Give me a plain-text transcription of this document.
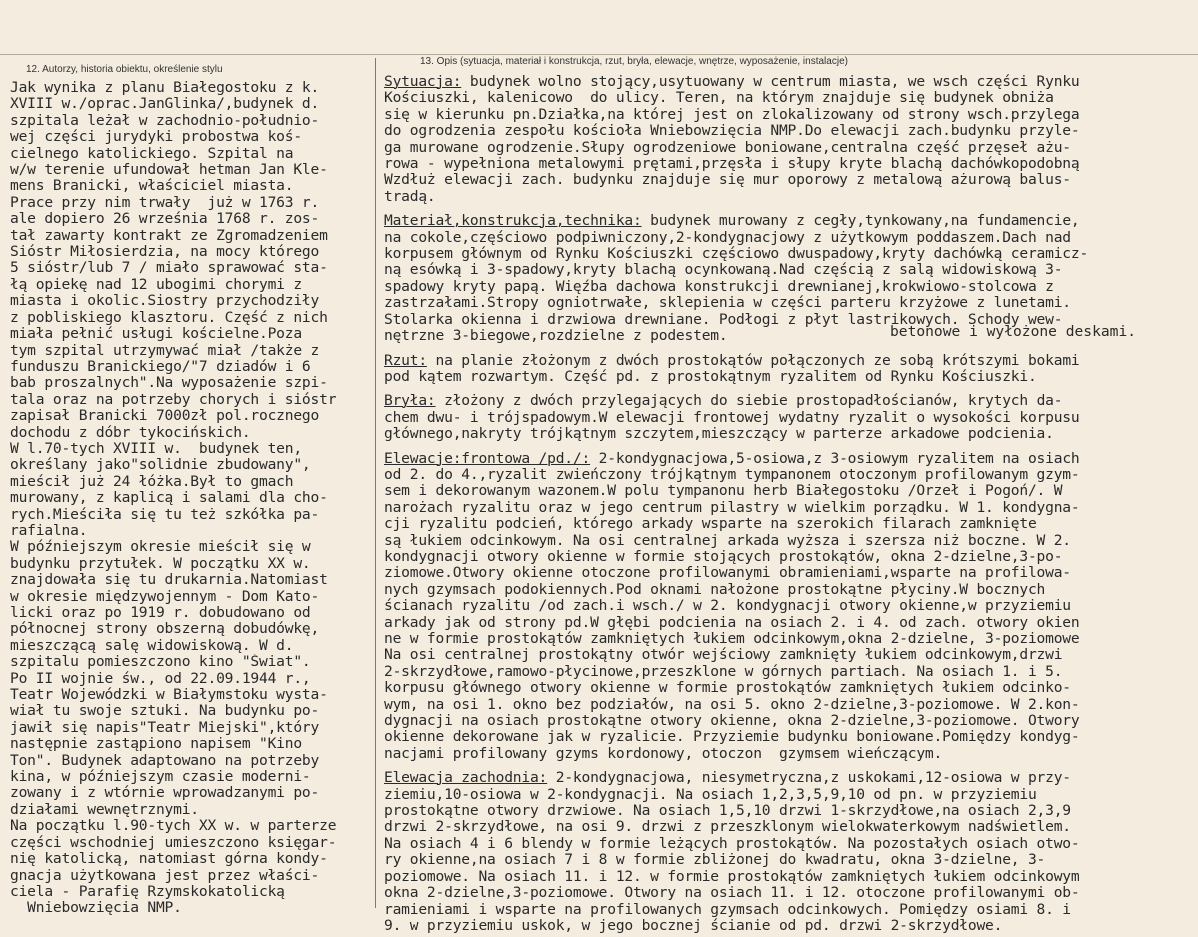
12. Autorzy, historia obiektu, określenie stylu
13. Opis (sytuacja, materiał i konstrukcja, rzut, bryła, elewacje, wnętrze, wyposażenie, instalacje)
Jak wynika z planu Białegostoku z k.
XVIII w./oprac.JanGlinka/,budynek d.
szpitala leżał w zachodnio-południo-
wej części jurydyki probostwa koś-
cielnego katolickiego. Szpital na
w/w terenie ufundował hetman Jan Kle-
mens Branicki, właściciel miasta.
Prace przy nim trwały  już w 1763 r.
ale dopiero 26 września 1768 r. zos-
tał zawarty kontrakt ze Zgromadzeniem
Sióstr Miłosierdzia, na mocy którego
5 sióstr/lub 7 / miało sprawować sta-
łą opiekę nad 12 ubogimi chorymi z
miasta i okolic.Siostry przychodziły
z pobliskiego klasztoru. Część z nich
miała pełnić usługi kościelne.Poza
tym szpital utrzymywać miał /także z
funduszu Branickiego/"7 dziadów i 6
bab proszalnych".Na wyposażenie szpi-
tala oraz na potrzeby chorych i sióstr
zapisał Branicki 7000zł pol.rocznego
dochodu z dóbr tykocińskich.
W l.70-tych XVIII w.  budynek ten,
określany jako"solidnie zbudowany",
mieścił już 24 łóżka.Był to gmach
murowany, z kaplicą i salami dla cho-
rych.Mieściła się tu też szkółka pa-
rafialna.
W późniejszym okresie mieścił się w
budynku przytułek. W początku XX w.
znajdowała się tu drukarnia.Natomiast
w okresie międzywojennym - Dom Kato-
licki oraz po 1919 r. dobudowano od
północnej strony obszerną dobudówkę,
mieszczącą salę widowiskową. W d.
szpitalu pomieszczono kino "Świat".
Po II wojnie św., od 22.09.1944 r.,
Teatr Wojewódzki w Białymstoku wysta-
wiał tu swoje sztuki. Na budynku po-
jawił się napis"Teatr Miejski",który
następnie zastąpiono napisem "Kino
Ton". Budynek adaptowano na potrzeby
kina, w późniejszym czasie moderni-
zowany i z wtórnie wprowadzanymi po-
działami wewnętrznymi.
Na początku l.90-tych XX w. w parterze
części wschodniej umieszczono księgar-
nię katolicką, natomiast górna kondy-
gnacja użytkowana jest przez właści-
ciela - Parafię Rzymskokatolicką
Wniebowzięcia NMP.
Sytuacja: budynek wolno stojący,usytuowany w centrum miasta, we wsch części Rynku
Kościuszki, kalenicowo  do ulicy. Teren, na którym znajduje się budynek obniża
się w kierunku pn.Działka,na której jest on zlokalizowany od strony wsch.przylega
do ogrodzenia zespołu kościoła Wniebowzięcia NMP.Do elewacji zach.budynku przyle-
ga murowane ogrodzenie.Słupy ogrodzeniowe boniowane,centralna część przęseł ażu-
rowa - wypełniona metalowymi prętami,przęsła i słupy kryte blachą dachówkopodobną
Wzdłuż elewacji zach. budynku znajduje się mur oporowy z metalową ażurową balus-
tradą.
Materiał,konstrukcja,technika: budynek murowany z cegły,tynkowany,na fundamencie,
na cokole,częściowo podpiwniczony,2-kondygnacjowy z użytkowym poddaszem.Dach nad
korpusem głównym od Rynku Kościuszki częściowo dwuspadowy,kryty dachówką ceramicz-
ną esówką i 3-spadowy,kryty blachą ocynkowaną.Nad częścią z salą widowiskową 3-
spadowy kryty papą. Więźba dachowa konstrukcji drewnianej,krokwiowo-stolcowa z
zastrzałami.Stropy ogniotrwałe, sklepienia w części parteru krzyżowe z lunetami.
Stolarka okienna i drzwiowa drewniane. Podłogi z płyt lastrikowych. Schody wew-
nętrzne 3-biegowe,rozdzielne z podestem.
Rzut: na planie złożonym z dwóch prostokątów połączonych ze sobą krótszymi bokami
pod kątem rozwartym. Część pd. z prostokątnym ryzalitem od Rynku Kościuszki.
Bryła: złożony z dwóch przylegających do siebie prostopadłościanów, krytych da-
chem dwu- i trójspadowym.W elewacji frontowej wydatny ryzalit o wysokości korpusu
głównego,nakryty trójkątnym szczytem,mieszczący w parterze arkadowe podcienia.
Elewacje:frontowa /pd./: 2-kondygnacjowa,5-osiowa,z 3-osiowym ryzalitem na osiach
od 2. do 4.,ryzalit zwieńczony trójkątnym tympanonem otoczonym profilowanym gzym-
sem i dekorowanym wazonem.W polu tympanonu herb Białegostoku /Orzeł i Pogoń/. W
narożach ryzalitu oraz w jego centrum pilastry w wielkim porządku. W 1. kondygna-
cji ryzalitu podcień, którego arkady wsparte na szerokich filarach zamknięte
są łukiem odcinkowym. Na osi centralnej arkada wyższa i szersza niż boczne. W 2.
kondygnacji otwory okienne w formie stojących prostokątów, okna 2-dzielne,3-po-
ziomowe.Otwory okienne otoczone profilowanymi obramieniami,wsparte na profilowa-
nych gzymsach podokiennych.Pod oknami nałożone prostokątne płyciny.W bocznych
ścianach ryzalitu /od zach.i wsch./ w 2. kondygnacji otwory okienne,w przyziemiu
arkady jak od strony pd.W głębi podcienia na osiach 2. i 4. od zach. otwory okien
ne w formie prostokątów zamkniętych łukiem odcinkowym,okna 2-dzielne, 3-poziomowe
Na osi centralnej prostokątny otwór wejściowy zamknięty łukiem odcinkowym,drzwi
2-skrzydłowe,ramowo-płycinowe,przeszklone w górnych partiach. Na osiach 1. i 5.
korpusu głównego otwory okienne w formie prostokątów zamkniętych łukiem odcinko-
wym, na osi 1. okno bez podziałów, na osi 5. okno 2-dzielne,3-poziomowe. W 2.kon-
dygnacji na osiach prostokątne otwory okienne, okna 2-dzielne,3-poziomowe. Otwory
okienne dekorowane jak w ryzalicie. Przyziemie budynku boniowane.Pomiędzy kondyg-
nacjami profilowany gzyms kordonowy, otoczon  gzymsem wieńczącym.
Elewacja zachodnia: 2-kondygnacjowa, niesymetryczna,z uskokami,12-osiowa w przy-
ziemiu,10-osiowa w 2-kondygnacji. Na osiach 1,2,3,5,9,10 od pn. w przyziemiu
prostokątne otwory drzwiowe. Na osiach 1,5,10 drzwi 1-skrzydłowe,na osiach 2,3,9
drzwi 2-skrzydłowe, na osi 9. drzwi z przeszklonym wielokwaterkowym nadświetlem.
Na osiach 4 i 6 blendy w formie leżących prostokątów. Na pozostałych osiach otwo-
ry okienne,na osiach 7 i 8 w formie zbliżonej do kwadratu, okna 3-dzielne, 3-
poziomowe. Na osiach 11. i 12. w formie prostokątów zamkniętych łukiem odcinkowym
okna 2-dzielne,3-poziomowe. Otwory na osiach 11. i 12. otoczone profilowanymi ob-
ramieniami i wsparte na profilowanych gzymsach odcinkowych. Pomiędzy osiami 8. i
9. w przyziemiu uskok, w jego bocznej ścianie od pd. drzwi 2-skrzydłowe.
betonowe i wyłożone deskami.
